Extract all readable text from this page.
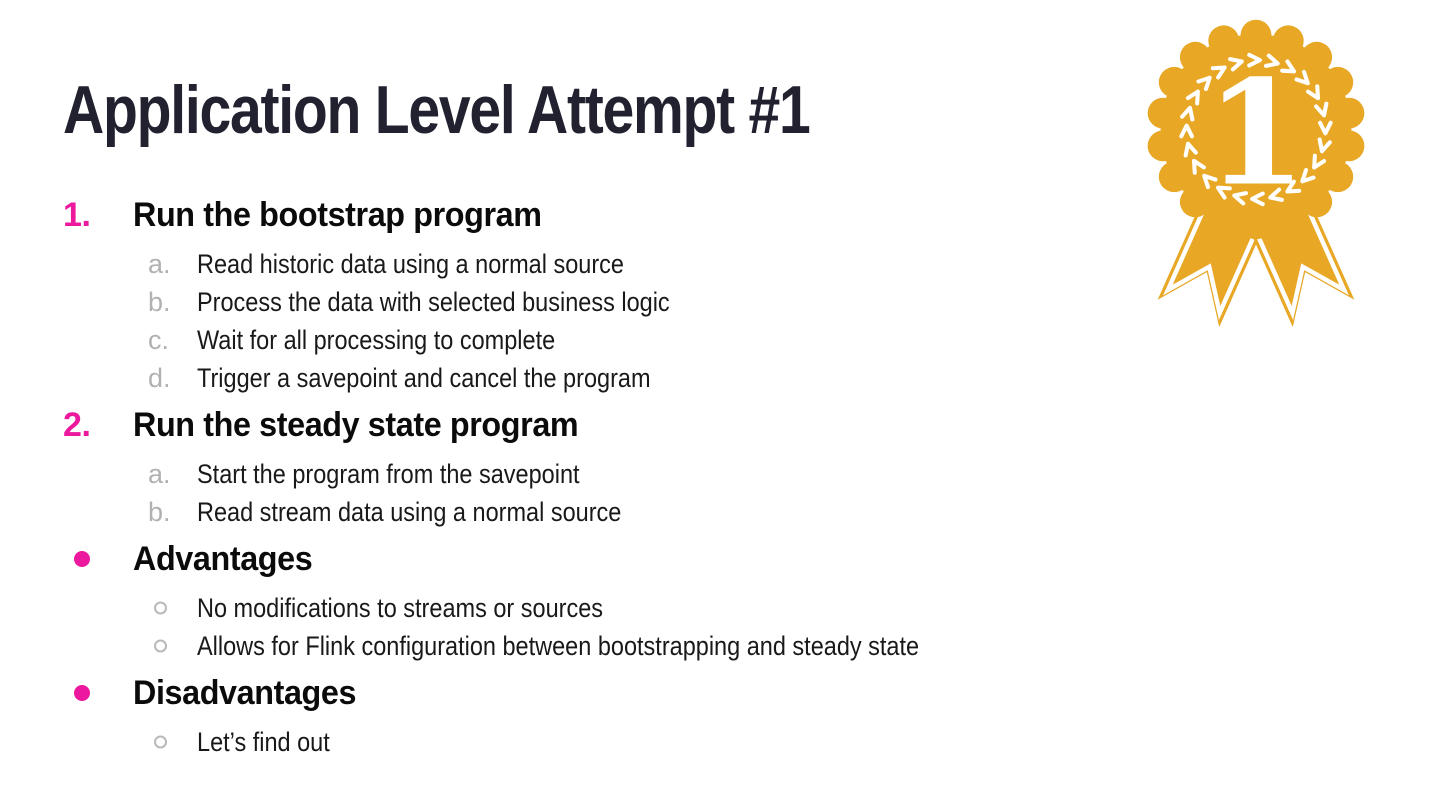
Application Level Attempt #1
1. Run the bootstrap program
a. Read historic data using a normal source
b. Process the data with selected business logic
c. Wait for all processing to complete
d. Trigger a savepoint and cancel the program
2. Run the steady state program
a. Start the program from the savepoint
b. Read stream data using a normal source
Advantages
No modifications to streams or sources
Allows for Flink configuration between bootstrapping and steady state
Disadvantages
Let’s find out
1
